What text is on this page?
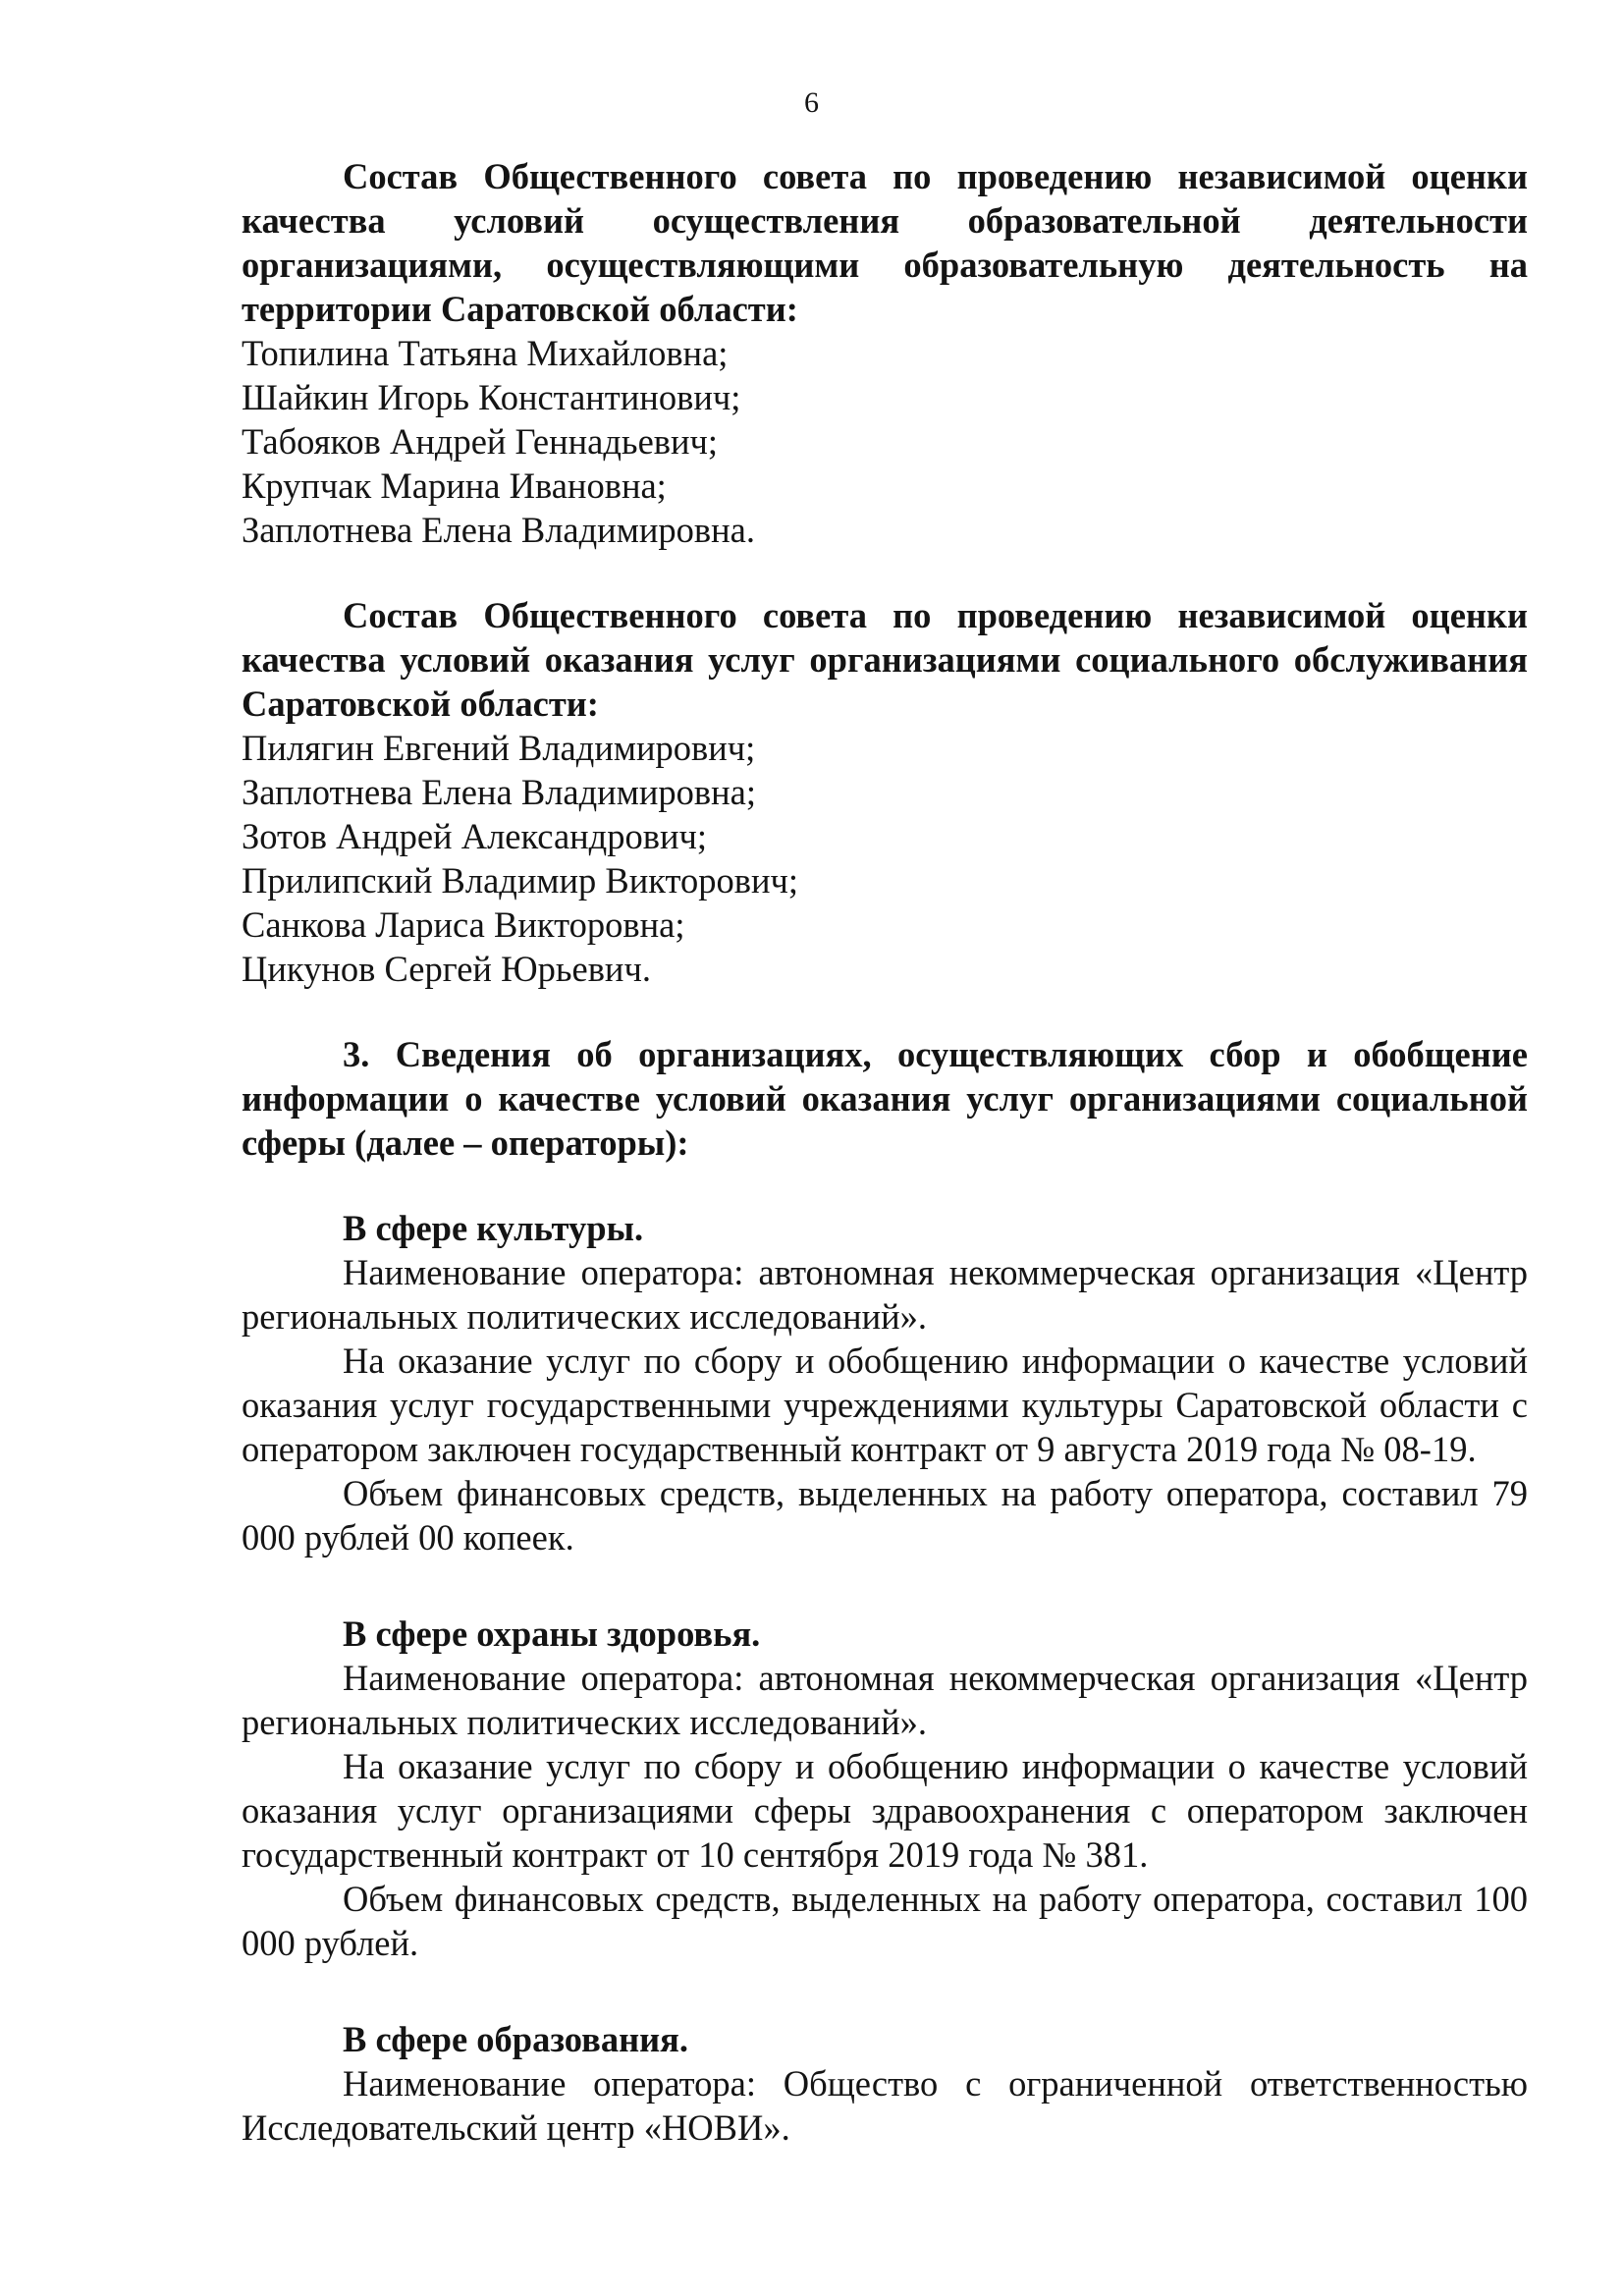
6

Состав Общественного совета по проведению независимой оценки качества условий осуществления образовательной деятельности организациями, осуществляющими образовательную деятельность на территории Саратовской области:

Топилина Татьяна Михайловна;
Шайкин Игорь Константинович;
Табояков Андрей Геннадьевич;
Крупчак Марина Ивановна;
Заплотнева Елена Владимировна.

Состав Общественного совета по проведению независимой оценки качества условий оказания услуг организациями социального обслуживания Саратовской области:

Пилягин Евгений Владимирович;
Заплотнева Елена Владимировна;
Зотов Андрей Александрович;
Прилипский Владимир Викторович;
Санкова Лариса Викторовна;
Цикунов Сергей Юрьевич.

3. Сведения об организациях, осуществляющих сбор и обобщение информации о качестве условий оказания услуг организациями социальной сферы (далее – операторы):

В сфере культуры.

Наименование оператора: автономная некоммерческая организация «Центр региональных политических исследований».

На оказание услуг по сбору и обобщению информации о качестве условий оказания услуг государственными учреждениями культуры Саратовской области с оператором заключен государственный контракт от 9 августа 2019 года № 08-19.

Объем финансовых средств, выделенных на работу оператора, составил 79 000 рублей 00 копеек.

В сфере охраны здоровья.

Наименование оператора: автономная некоммерческая организация «Центр региональных политических исследований».

На оказание услуг по сбору и обобщению информации о качестве условий оказания услуг организациями сферы здравоохранения с оператором заключен государственный контракт от 10 сентября 2019 года № 381.

Объем финансовых средств, выделенных на работу оператора, составил 100 000 рублей.

В сфере образования.

Наименование оператора: Общество с ограниченной ответственностью Исследовательский центр «НОВИ».
